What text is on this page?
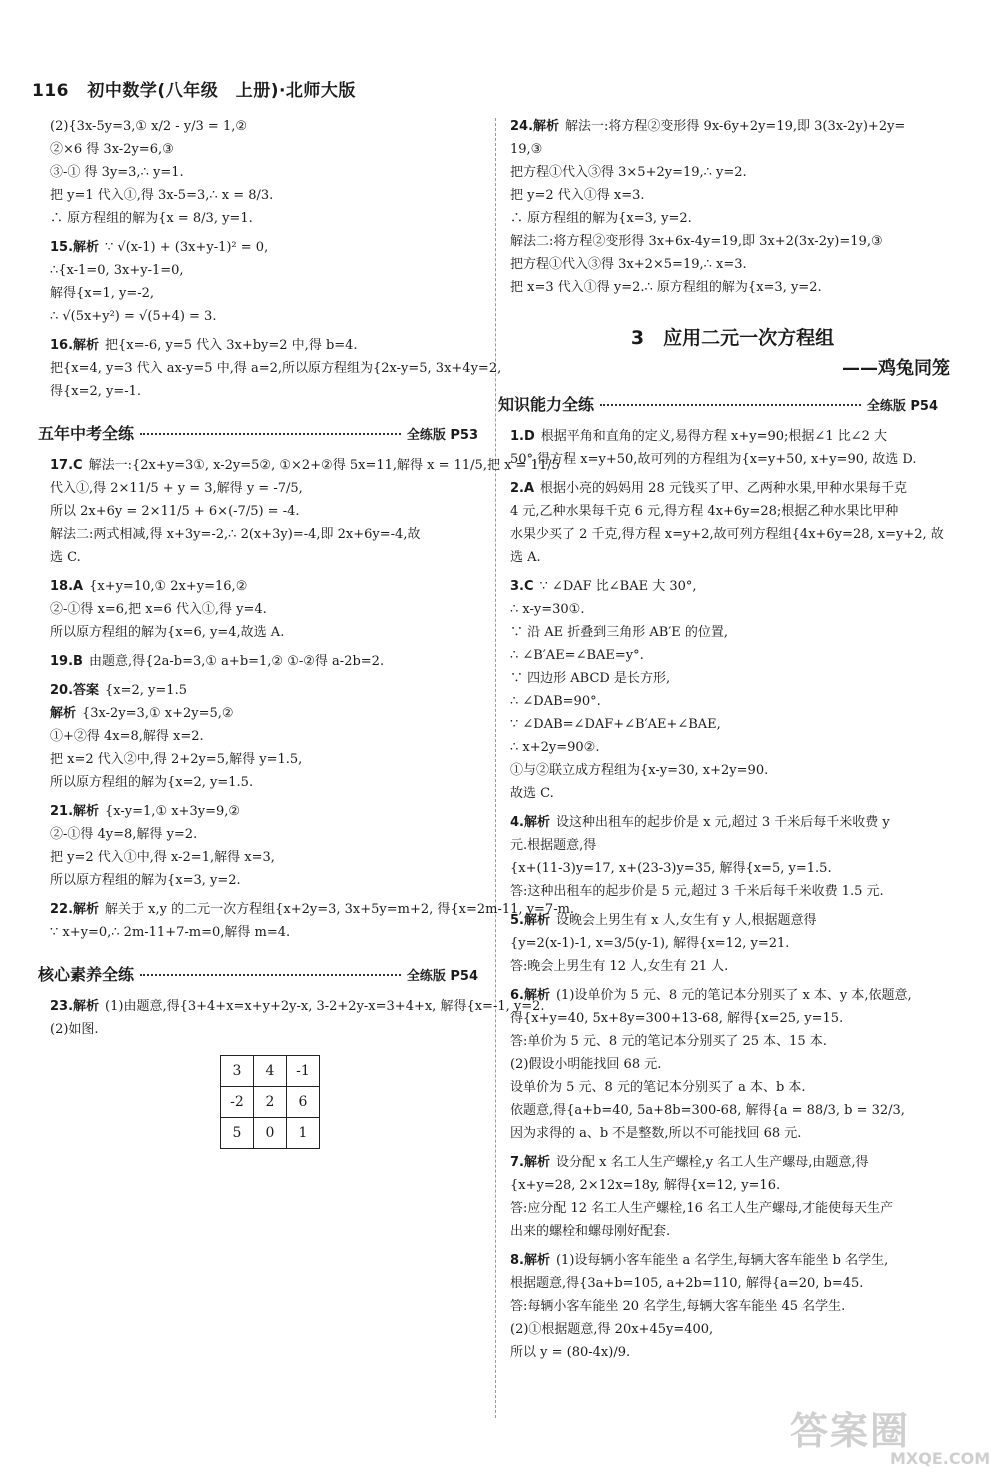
116 初中数学(八年级　上册)·北师大版
(2){3x-5y=3,① x/2 - y/3 = 1,②
②×6 得 3x-2y=6,③
③-① 得 3y=3,∴ y=1.
把 y=1 代入①,得 3x-5=3,∴ x = 8/3.
∴ 原方程组的解为{x = 8/3, y=1.
15.解析 ∵ √(x-1) + (3x+y-1)² = 0,
∴{x-1=0, 3x+y-1=0,
解得{x=1, y=-2,
∴ √(5x+y²) = √(5+4) = 3.
16.解析 把{x=-6, y=5 代入 3x+by=2 中,得 b=4.
把{x=4, y=3 代入 ax-y=5 中,得 a=2,所以原方程组为{2x-y=5, 3x+4y=2,
得{x=2, y=-1.
五年中考全练	全练版 P53
17.C 解法一:{2x+y=3①, x-2y=5②, ①×2+②得 5x=11,解得 x = 11/5,把 x = 11/5
代入①,得 2×11/5 + y = 3,解得 y = -7/5,
所以 2x+6y = 2×11/5 + 6×(-7/5) = -4.
解法二:两式相减,得 x+3y=-2,∴ 2(x+3y)=-4,即 2x+6y=-4,故
选 C.
18.A {x+y=10,① 2x+y=16,②
②-①得 x=6,把 x=6 代入①,得 y=4.
所以原方程组的解为{x=6, y=4,故选 A.
19.B 由题意,得{2a-b=3,① a+b=1,② ①-②得 a-2b=2.
20.答案 {x=2, y=1.5
解析 {3x-2y=3,① x+2y=5,②
①+②得 4x=8,解得 x=2.
把 x=2 代入②中,得 2+2y=5,解得 y=1.5,
所以原方程组的解为{x=2, y=1.5.
21.解析 {x-y=1,① x+3y=9,②
②-①得 4y=8,解得 y=2.
把 y=2 代入①中,得 x-2=1,解得 x=3,
所以原方程组的解为{x=3, y=2.
22.解析 解关于 x,y 的二元一次方程组{x+2y=3, 3x+5y=m+2, 得{x=2m-11, y=7-m.
∵ x+y=0,∴ 2m-11+7-m=0,解得 m=4.
核心素养全练	全练版 P54
23.解析 (1)由题意,得{3+4+x=x+y+2y-x, 3-2+2y-x=3+4+x, 解得{x=-1, y=2.
(2)如图.
3	4	-1
-2	2	6
5	0	1
24.解析 解法一:将方程②变形得 9x-6y+2y=19,即 3(3x-2y)+2y=
19,③
把方程①代入③得 3×5+2y=19,∴ y=2.
把 y=2 代入①得 x=3.
∴ 原方程组的解为{x=3, y=2.
解法二:将方程②变形得 3x+6x-4y=19,即 3x+2(3x-2y)=19,③
把方程①代入③得 3x+2×5=19,∴ x=3.
把 x=3 代入①得 y=2.∴ 原方程组的解为{x=3, y=2.
3　应用二元一次方程组
——鸡兔同笼
知识能力全练	全练版 P54
1.D 根据平角和直角的定义,易得方程 x+y=90;根据∠1 比∠2 大
50°,得方程 x=y+50,故可列的方程组为{x=y+50, x+y=90, 故选 D.
2.A 根据小亮的妈妈用 28 元钱买了甲、乙两种水果,甲种水果每千克
4 元,乙种水果每千克 6 元,得方程 4x+6y=28;根据乙种水果比甲种
水果少买了 2 千克,得方程 x=y+2,故可列方程组{4x+6y=28, x=y+2, 故
选 A.
3.C ∵ ∠DAF 比∠BAE 大 30°,
∴ x-y=30①.
∵ 沿 AE 折叠到三角形 AB′E 的位置,
∴ ∠B′AE=∠BAE=y°.
∵ 四边形 ABCD 是长方形,
∴ ∠DAB=90°.
∵ ∠DAB=∠DAF+∠B′AE+∠BAE,
∴ x+2y=90②.
①与②联立成方程组为{x-y=30, x+2y=90.
故选 C.
4.解析 设这种出租车的起步价是 x 元,超过 3 千米后每千米收费 y
元.根据题意,得
{x+(11-3)y=17, x+(23-3)y=35, 解得{x=5, y=1.5.
答:这种出租车的起步价是 5 元,超过 3 千米后每千米收费 1.5 元.
5.解析 设晚会上男生有 x 人,女生有 y 人,根据题意得
{y=2(x-1)-1, x=3/5(y-1), 解得{x=12, y=21.
答:晚会上男生有 12 人,女生有 21 人.
6.解析 (1)设单价为 5 元、8 元的笔记本分别买了 x 本、y 本,依题意,
得{x+y=40, 5x+8y=300+13-68, 解得{x=25, y=15.
答:单价为 5 元、8 元的笔记本分别买了 25 本、15 本.
(2)假设小明能找回 68 元.
设单价为 5 元、8 元的笔记本分别买了 a 本、b 本.
依题意,得{a+b=40, 5a+8b=300-68, 解得{a = 88/3, b = 32/3,
因为求得的 a、b 不是整数,所以不可能找回 68 元.
7.解析 设分配 x 名工人生产螺栓,y 名工人生产螺母,由题意,得
{x+y=28, 2×12x=18y, 解得{x=12, y=16.
答:应分配 12 名工人生产螺栓,16 名工人生产螺母,才能使每天生产
出来的螺栓和螺母刚好配套.
8.解析 (1)设每辆小客车能坐 a 名学生,每辆大客车能坐 b 名学生,
根据题意,得{3a+b=105, a+2b=110, 解得{a=20, b=45.
答:每辆小客车能坐 20 名学生,每辆大客车能坐 45 名学生.
(2)①根据题意,得 20x+45y=400,
所以 y = (80-4x)/9.
答案圈
MXQE.COM
